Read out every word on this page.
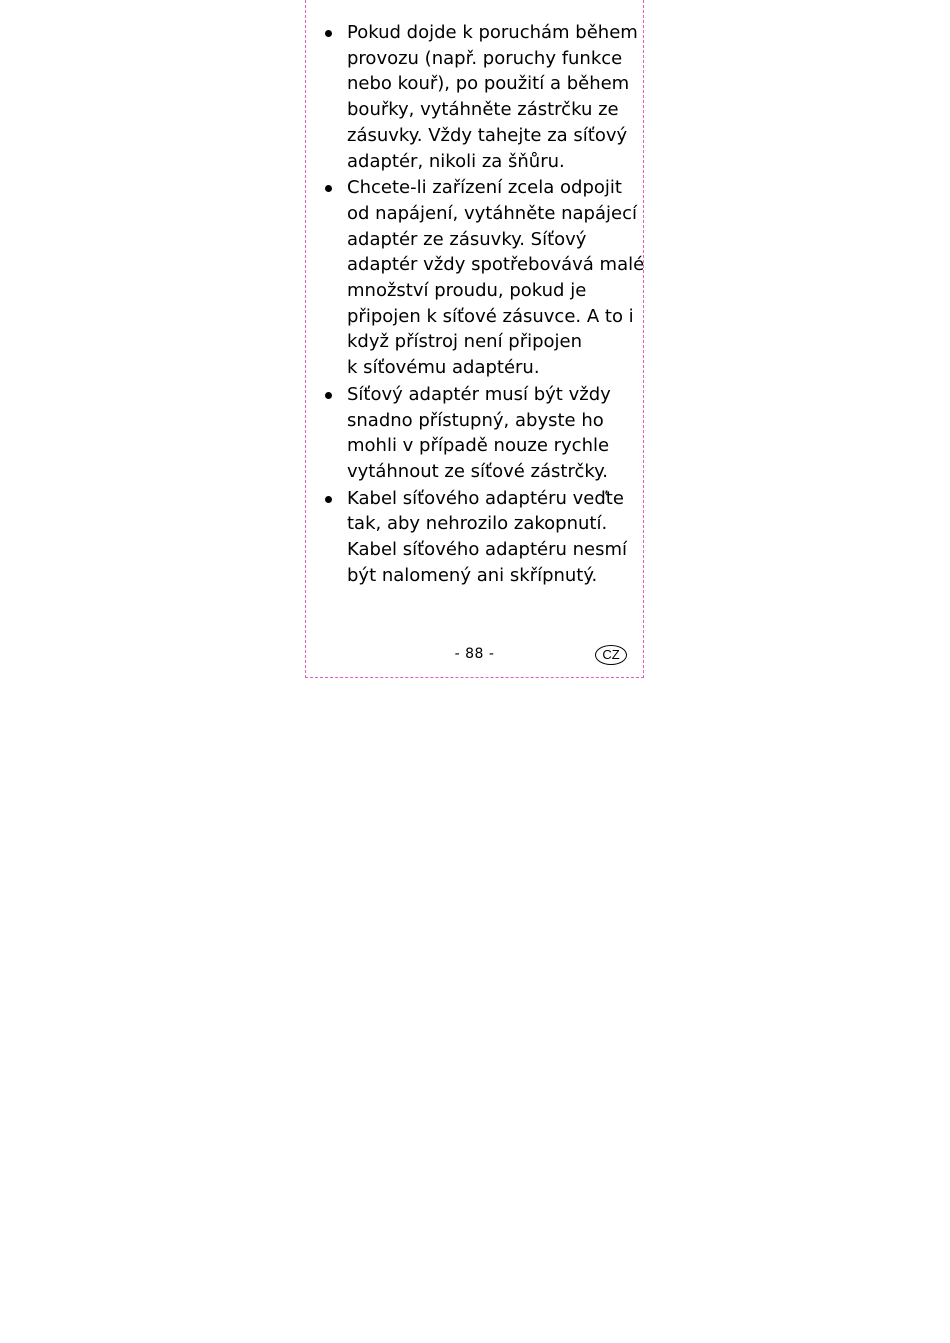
Pokud dojde k poruchám během
provozu (např. poruchy funkce
nebo kouř), po použití a během
bouřky, vytáhněte zástrčku ze
zásuvky. Vždy tahejte za síťový
adaptér, nikoli za šňůru.
Chcete-li zařízení zcela odpojit
od napájení, vytáhněte napájecí
adaptér ze zásuvky. Síťový
adaptér vždy spotřebovává malé
množství proudu, pokud je
připojen k síťové zásuvce. A to i
když přístroj není připojen
k síťovému adaptéru.
Síťový adaptér musí být vždy
snadno přístupný, abyste ho
mohli v případě nouze rychle
vytáhnout ze síťové zástrčky.
Kabel síťového adaptéru veďte
tak, aby nehrozilo zakopnutí.
Kabel síťového adaptéru nesmí
být nalomený ani skřípnutý.
- 88 -	CZ
